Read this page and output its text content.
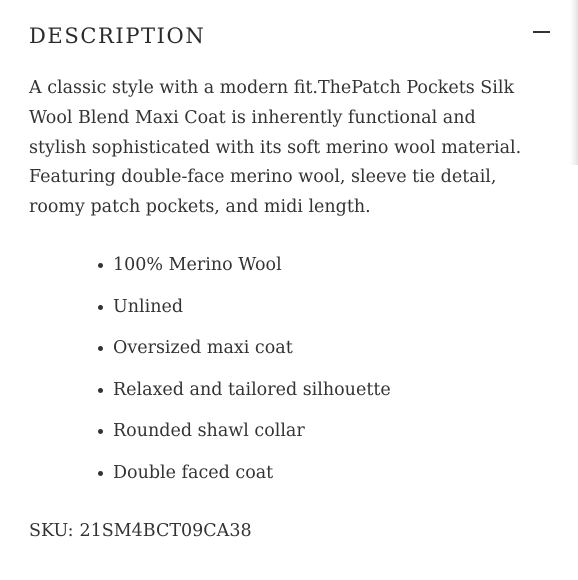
DESCRIPTION

A classic style with a modern fit.ThePatch Pockets Silk Wool Blend Maxi Coat is inherently functional and stylish sophisticated with its soft merino wool material. Featuring double-face merino wool, sleeve tie detail, roomy patch pockets, and midi length.

100% Merino Wool
Unlined
Oversized maxi coat
Relaxed and tailored silhouette
Rounded shawl collar
Double faced coat
SKU: 21SM4BCT09CA38
